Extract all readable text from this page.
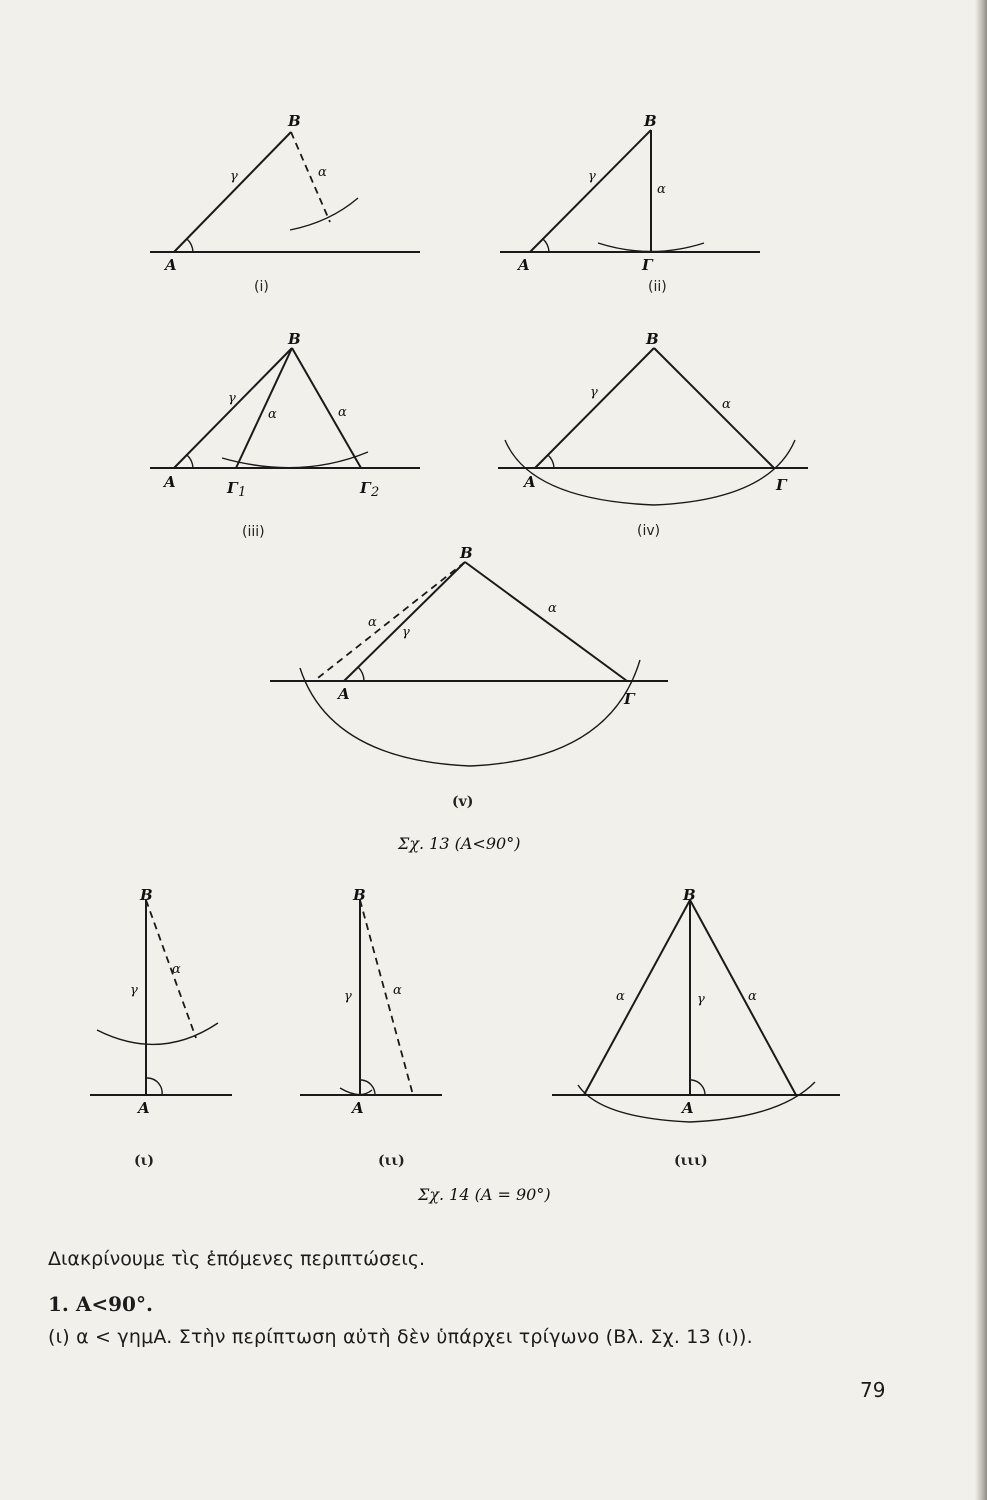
A
B
γ	α
(i)
A
B
γ
α
Γ
(ii)
A
B
γ
α	α
Γ 1	Γ 2
(iii)
A
B
γ
α
Γ
(iv)
A
B
α
γ
α
Γ
(v)
Σχ. 13 (A<90°)
B
γ
α
A
(ι)
B
γ	α
A
(ιι)
B
α	γ	α
A
(ιιι)
Σχ. 14 (A = 90°)
Διακρίνουμε τὶς ἑπόμενες περιπτώσεις.
1. A<90°.
(ι) α < γημA. Στὴν περίπτωση αὐτὴ δὲν ὑπάρχει τρίγωνο (Βλ. Σχ. 13 (ι)).
79
